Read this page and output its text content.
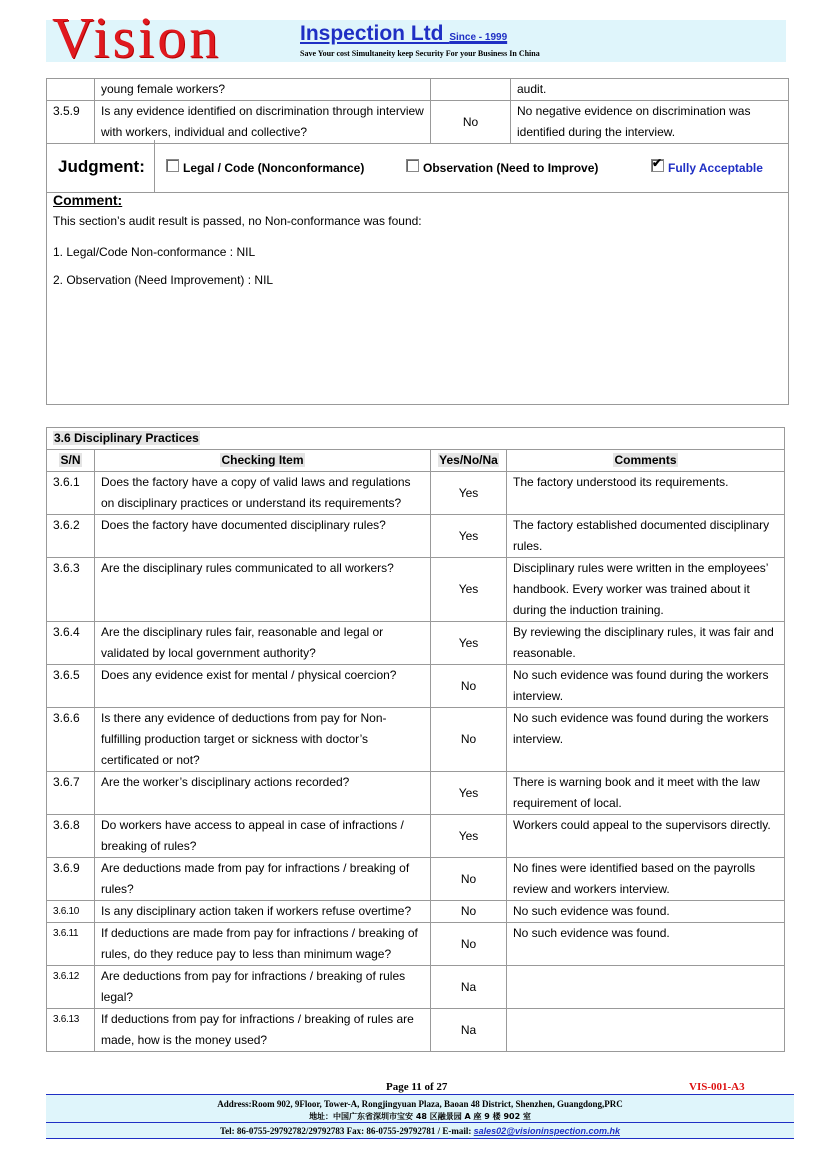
Vision	Inspection Ltd Since - 1999
Save Your cost Simultaneity keep Security For your Business In China
	young female workers?		audit.
3.5.9	Is any evidence identified on discrimination through interview with workers, individual and collective?	No	No negative evidence on discrimination was identified during the interview.
Judgment:	Legal / Code (Nonconformance)	Observation (Need to Improve)	✔ Fully Acceptable
Comment:
This section’s audit result is passed, no Non-conformance was found:
1. Legal/Code Non-conformance : NIL
2. Observation (Need Improvement) : NIL
3.6 Disciplinary Practices			
S/N	Checking Item	Yes/No/Na	Comments
3.6.1	Does the factory have a copy of valid laws and regulations on disciplinary practices or understand its requirements?	Yes	The factory understood its requirements.
3.6.2	Does the factory have documented disciplinary rules?	Yes	The factory established documented disciplinary rules.
3.6.3	Are the disciplinary rules communicated to all workers?	Yes	Disciplinary rules were written in the employees’ handbook. Every worker was trained about it during the induction training.
3.6.4	Are the disciplinary rules fair, reasonable and legal or validated by local government authority?	Yes	By reviewing the disciplinary rules, it was fair and reasonable.
3.6.5	Does any evidence exist for mental / physical coercion?	No	No such evidence was found during the workers interview.
3.6.6	Is there any evidence of deductions from pay for Non-fulfilling production target or sickness with doctor’s certificated or not?	No	No such evidence was found during the workers interview.
3.6.7	Are the worker’s disciplinary actions recorded?	Yes	There is warning book and it meet with the law requirement of local.
3.6.8	Do workers have access to appeal in case of infractions / breaking of rules?	Yes	Workers could appeal to the supervisors directly.
3.6.9	Are deductions made from pay for infractions / breaking of rules?	No	No fines were identified based on the payrolls review and workers interview.
3.6.10	Is any disciplinary action taken if workers refuse overtime?	No	No such evidence was found.
3.6.11	If deductions are made from pay for infractions / breaking of rules, do they reduce pay to less than minimum wage?	No	No such evidence was found.
3.6.12	Are deductions from pay for infractions / breaking of rules legal?	Na	
3.6.13	If deductions from pay for infractions / breaking of rules are made, how is the money used?	Na	
Page 11 of 27	VIS-001-A3
Address:Room 902, 9Floor, Tower-A, Rongjingyuan Plaza, Baoan 48 District, Shenzhen, Guangdong,PRC
地址：中国广东省深圳市宝安 48 区融景园 A 座 9 楼 902 室
Tel: 86-0755-29792782/29792783 Fax: 86-0755-29792781 / E-mail: sales02@visioninspection.com.hk
